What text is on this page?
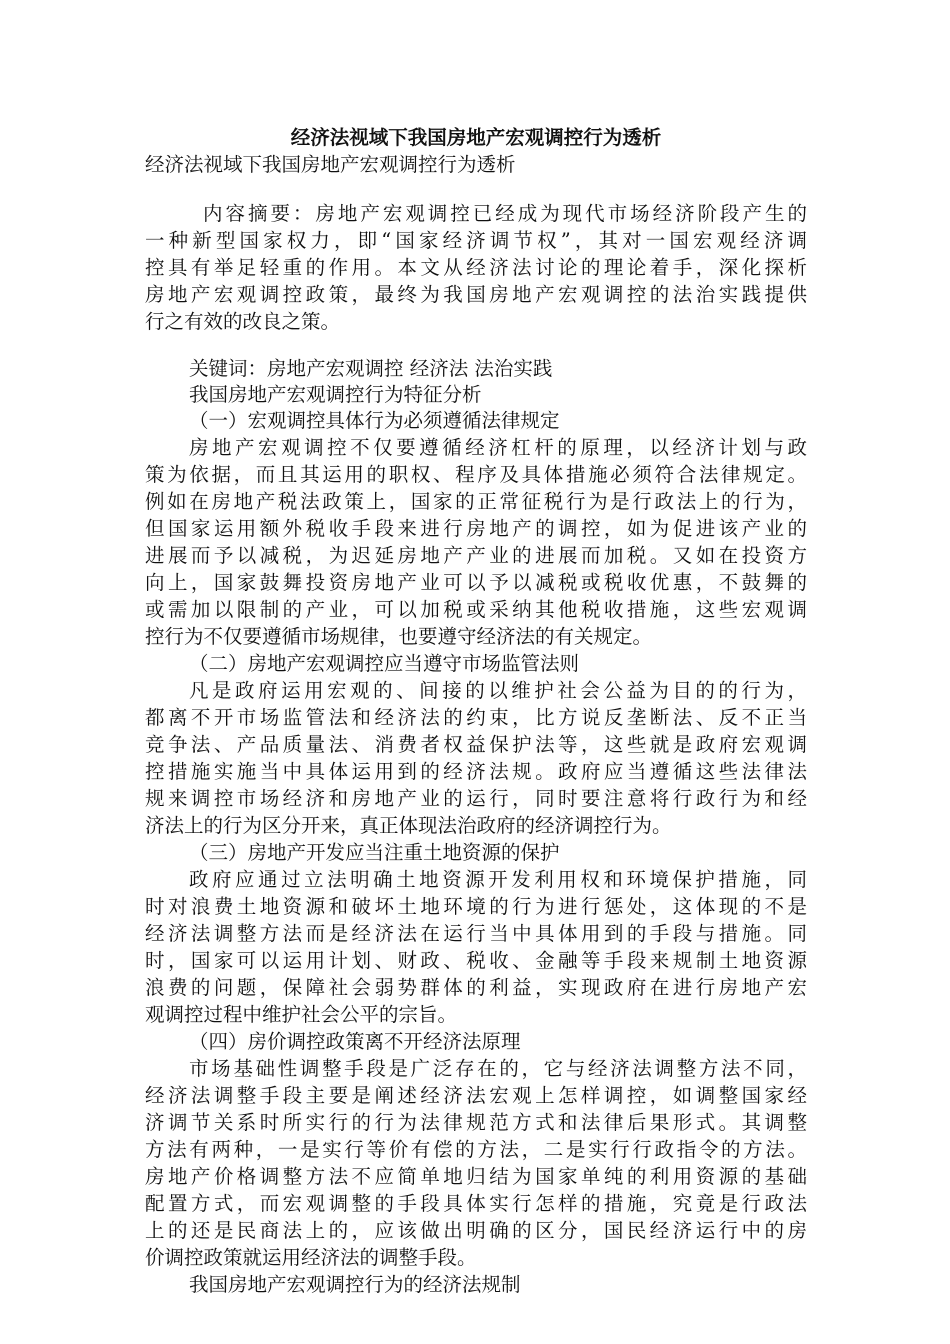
经济法视域下我国房地产宏观调控行为透析
经济法视域下我国房地产宏观调控行为透析
内容摘要：房地产宏观调控已经成为现代市场经济阶段产生的
一种新型国家权力，即“国家经济调节权”，其对一国宏观经济调
控具有举足轻重的作用。本文从经济法讨论的理论着手，深化探析
房地产宏观调控政策，最终为我国房地产宏观调控的法治实践提供
行之有效的改良之策。
关键词：房地产宏观调控 经济法 法治实践
我国房地产宏观调控行为特征分析
（一）宏观调控具体行为必须遵循法律规定
房地产宏观调控不仅要遵循经济杠杆的原理，以经济计划与政
策为依据，而且其运用的职权、程序及具体措施必须符合法律规定。
例如在房地产税法政策上，国家的正常征税行为是行政法上的行为，
但国家运用额外税收手段来进行房地产的调控，如为促进该产业的
进展而予以减税，为迟延房地产产业的进展而加税。又如在投资方
向上，国家鼓舞投资房地产业可以予以减税或税收优惠，不鼓舞的
或需加以限制的产业，可以加税或采纳其他税收措施，这些宏观调
控行为不仅要遵循市场规律，也要遵守经济法的有关规定。
（二）房地产宏观调控应当遵守市场监管法则
凡是政府运用宏观的、间接的以维护社会公益为目的的行为，
都离不开市场监管法和经济法的约束，比方说反垄断法、反不正当
竞争法、产品质量法、消费者权益保护法等，这些就是政府宏观调
控措施实施当中具体运用到的经济法规。政府应当遵循这些法律法
规来调控市场经济和房地产业的运行，同时要注意将行政行为和经
济法上的行为区分开来，真正体现法治政府的经济调控行为。
（三）房地产开发应当注重土地资源的保护
政府应通过立法明确土地资源开发利用权和环境保护措施，同
时对浪费土地资源和破坏土地环境的行为进行惩处，这体现的不是
经济法调整方法而是经济法在运行当中具体用到的手段与措施。同
时，国家可以运用计划、财政、税收、金融等手段来规制土地资源
浪费的问题，保障社会弱势群体的利益，实现政府在进行房地产宏
观调控过程中维护社会公平的宗旨。
（四）房价调控政策离不开经济法原理
市场基础性调整手段是广泛存在的，它与经济法调整方法不同，
经济法调整手段主要是阐述经济法宏观上怎样调控，如调整国家经
济调节关系时所实行的行为法律规范方式和法律后果形式。其调整
方法有两种，一是实行等价有偿的方法，二是实行行政指令的方法。
房地产价格调整方法不应简单地归结为国家单纯的利用资源的基础
配置方式，而宏观调整的手段具体实行怎样的措施，究竟是行政法
上的还是民商法上的，应该做出明确的区分，国民经济运行中的房
价调控政策就运用经济法的调整手段。
我国房地产宏观调控行为的经济法规制
